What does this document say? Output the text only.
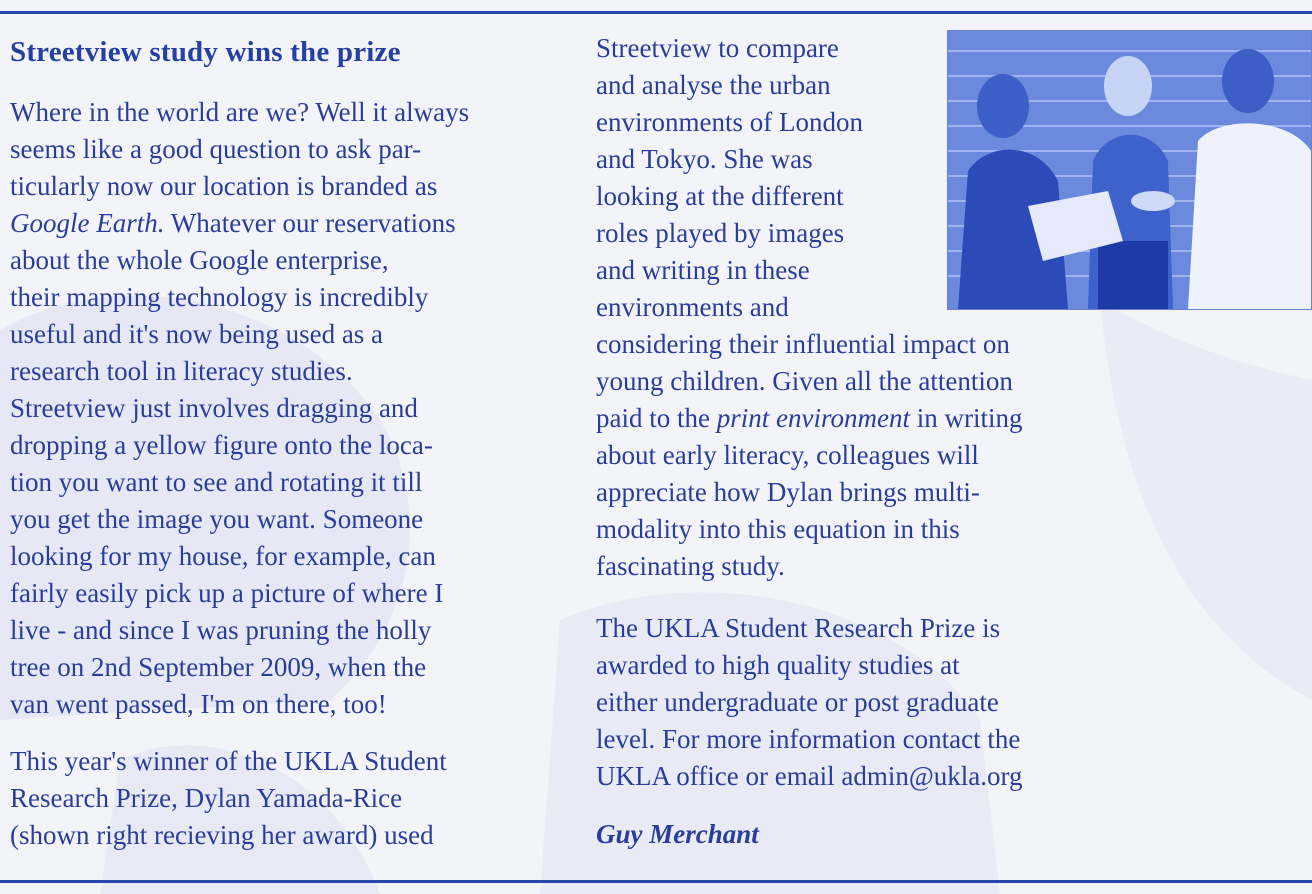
Streetview study wins the prize
Where in the world are we? Well it always
seems like a good question to ask par-
ticularly now our location is branded as
Google Earth. Whatever our reservations
about the whole Google enterprise,
their mapping technology is incredibly
useful and it's now being used as a
research tool in literacy studies.
Streetview just involves dragging and
dropping a yellow figure onto the loca-
tion you want to see and rotating it till
you get the image you want. Someone
looking for my house, for example, can
fairly easily pick up a picture of where I
live - and since I was pruning the holly
tree on 2nd September 2009, when the
van went passed, I'm on there, too!
This year's winner of the UKLA Student
Research Prize, Dylan Yamada-Rice
(shown right recieving her award) used
Streetview to compare
and analyse the urban
environments of London
and Tokyo. She was
looking at the different
roles played by images
and writing in these
environments and
considering their influential impact on
young children. Given all the attention
paid to the print environment in writing
about early literacy, colleagues will
appreciate how Dylan brings multi-
modality into this equation in this
fascinating study.
The UKLA Student Research Prize is
awarded to high quality studies at
either undergraduate or post graduate
level. For more information contact the
UKLA office or email admin@ukla.org
Guy Merchant
